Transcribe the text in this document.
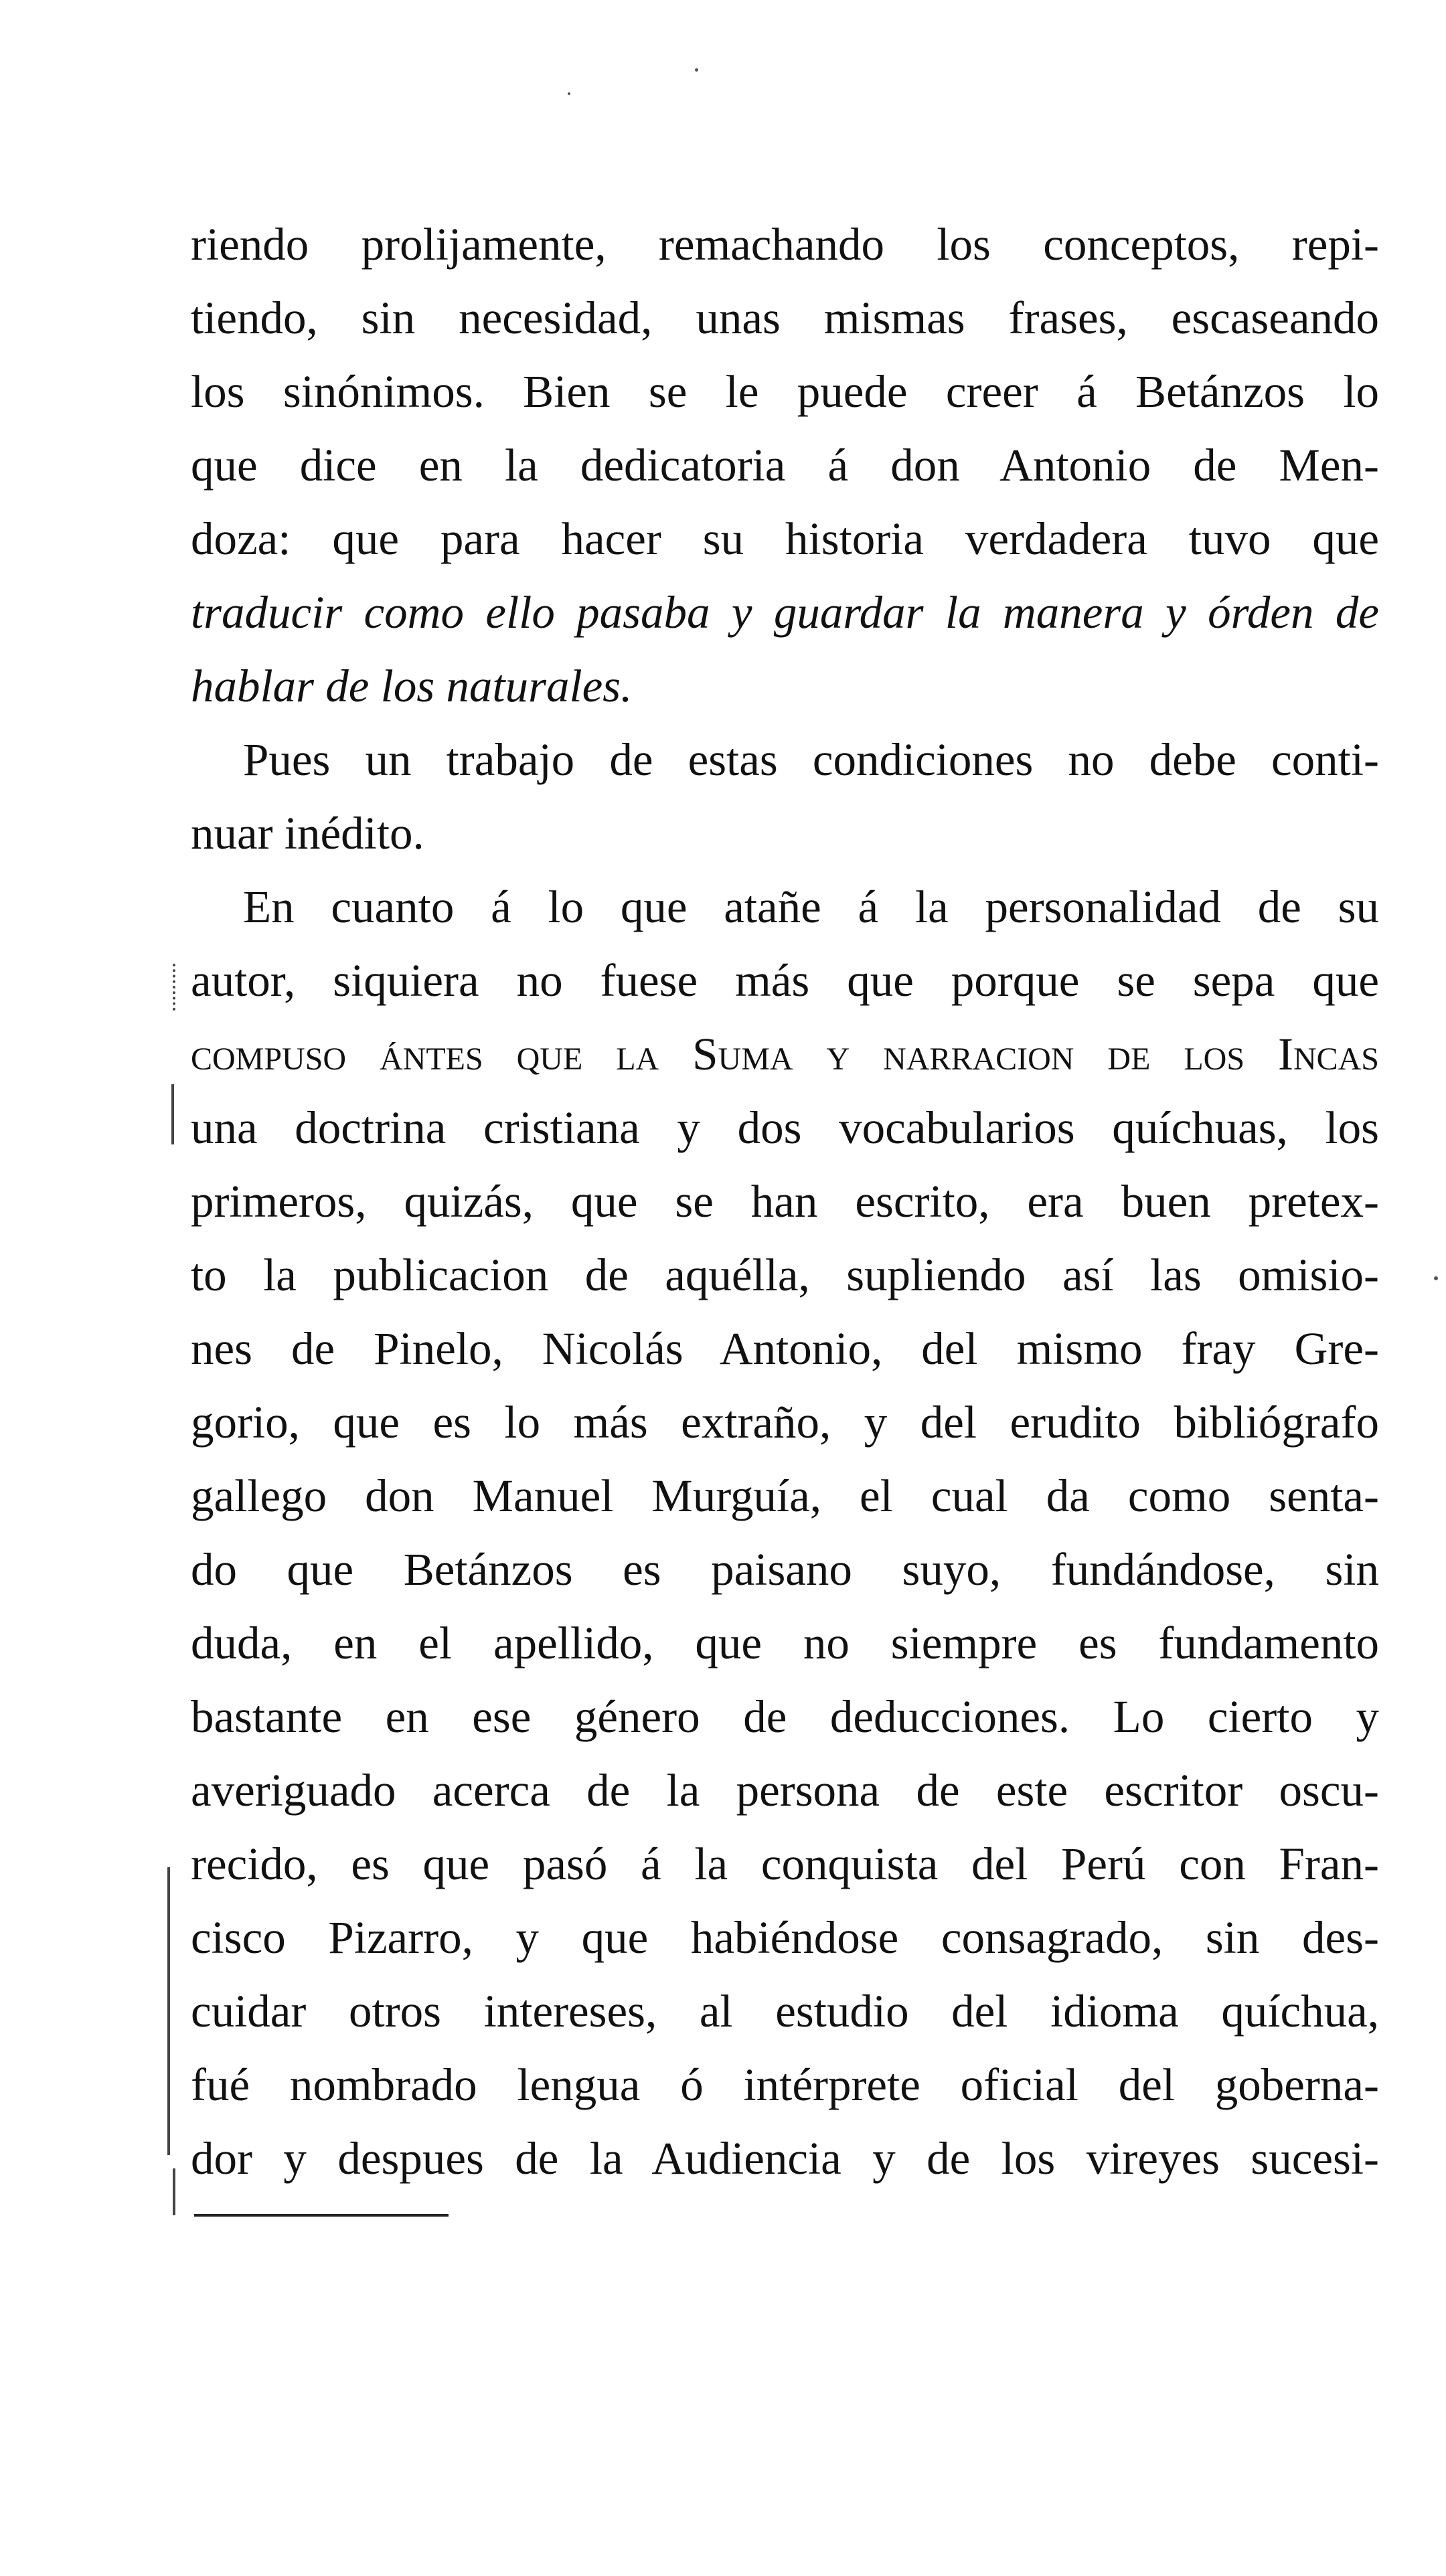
riendo prolijamente, remachando los conceptos, repi-
tiendo, sin necesidad, unas mismas frases, escaseando
los sinónimos. Bien se le puede creer á Betánzos lo
que dice en la dedicatoria á don Antonio de Men-
doza: que para hacer su historia verdadera tuvo que
traducir como ello pasaba y guardar la manera y órden de
hablar de los naturales.
Pues un trabajo de estas condiciones no debe conti-
nuar inédito.
En cuanto á lo que atañe á la personalidad de su
autor, siquiera no fuese más que porque se sepa que
compuso ántes que la Suma y narracion de los Incas
una doctrina cristiana y dos vocabularios quíchuas, los
primeros, quizás, que se han escrito, era buen pretex-
to la publicacion de aquélla, supliendo así las omisio-
nes de Pinelo, Nicolás Antonio, del mismo fray Gre-
gorio, que es lo más extraño, y del erudito bibliógrafo
gallego don Manuel Murguía, el cual da como senta-
do que Betánzos es paisano suyo, fundándose, sin
duda, en el apellido, que no siempre es fundamento
bastante en ese género de deducciones. Lo cierto y
averiguado acerca de la persona de este escritor oscu-
recido, es que pasó á la conquista del Perú con Fran-
cisco Pizarro, y que habiéndose consagrado, sin des-
cuidar otros intereses, al estudio del idioma quíchua,
fué nombrado lengua ó intérprete oficial del goberna-
dor y despues de la Audiencia y de los vireyes sucesi-
